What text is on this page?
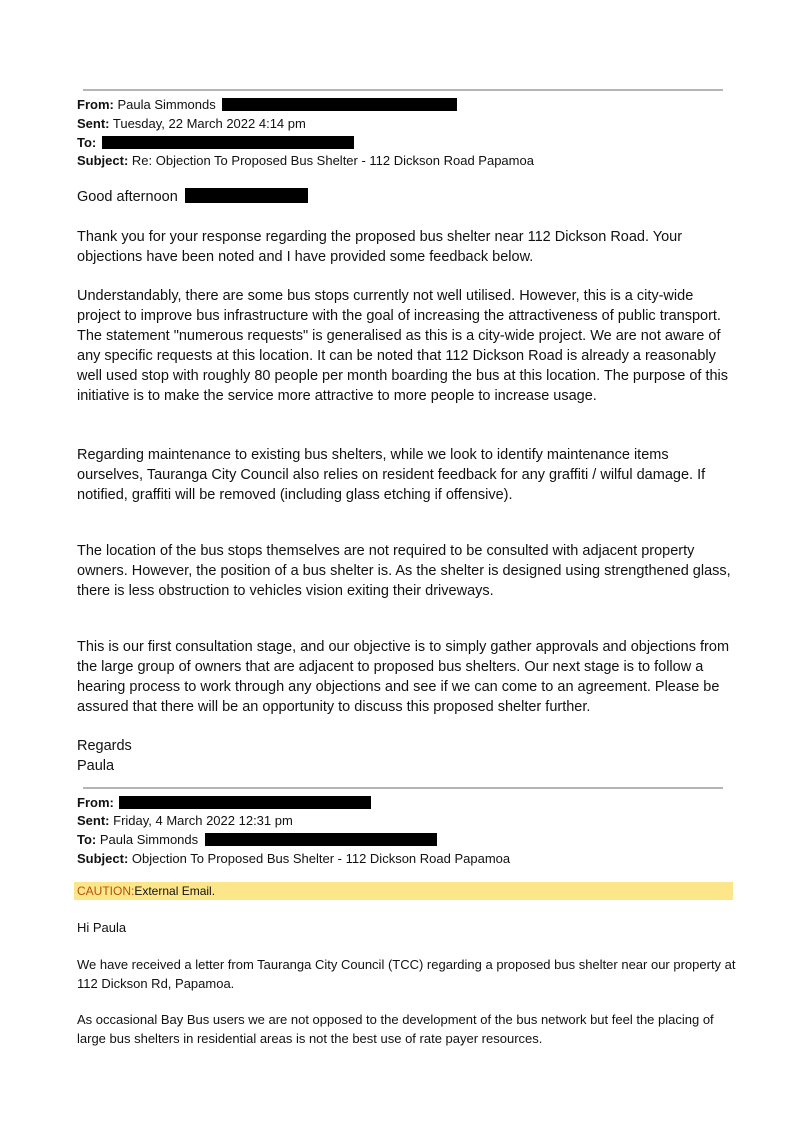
From: Paula Simmonds
Sent: Tuesday, 22 March 2022 4:14 pm
To:
Subject: Re: Objection To Proposed Bus Shelter - 112 Dickson Road Papamoa
Good afternoon

Thank you for your response regarding the proposed bus shelter near 112 Dickson Road. Your objections have been noted and I have provided some feedback below.

Understandably, there are some bus stops currently not well utilised. However, this is a city-wide project to improve bus infrastructure with the goal of increasing the attractiveness of public transport. The statement "numerous requests" is generalised as this is a city-wide project. We are not aware of any specific requests at this location. It can be noted that 112 Dickson Road is already a reasonably well used stop with roughly 80 people per month boarding the bus at this location. The purpose of this initiative is to make the service more attractive to more people to increase usage.

Regarding maintenance to existing bus shelters, while we look to identify maintenance items ourselves, Tauranga City Council also relies on resident feedback for any graffiti / wilful damage. If notified, graffiti will be removed (including glass etching if offensive).

The location of the bus stops themselves are not required to be consulted with adjacent property owners. However, the position of a bus shelter is. As the shelter is designed using strengthened glass, there is less obstruction to vehicles vision exiting their driveways.

This is our first consultation stage, and our objective is to simply gather approvals and objections from the large group of owners that are adjacent to proposed bus shelters. Our next stage is to follow a hearing process to work through any objections and see if we can come to an agreement. Please be assured that there will be an opportunity to discuss this proposed shelter further.

Regards
Paula
From:
Sent: Friday, 4 March 2022 12:31 pm
To: Paula Simmonds
Subject: Objection To Proposed Bus Shelter - 112 Dickson Road Papamoa
CAUTION:External Email.
Hi Paula

We have received a letter from Tauranga City Council (TCC) regarding a proposed bus shelter near our property at 112 Dickson Rd, Papamoa.

As occasional Bay Bus users we are not opposed to the development of the bus network but feel the placing of large bus shelters in residential areas is not the best use of rate payer resources.
